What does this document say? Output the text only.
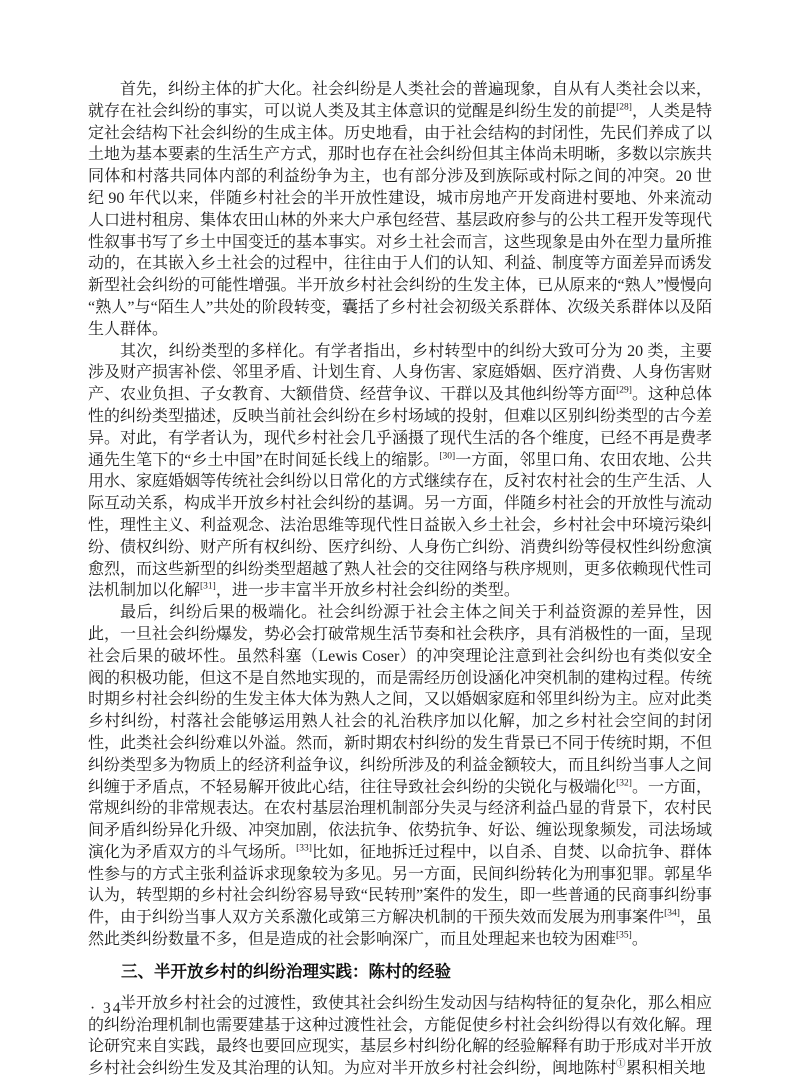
首先，纠纷主体的扩大化。社会纠纷是人类社会的普遍现象，自从有人类社会以来，就存在社会纠纷的事实，可以说人类及其主体意识的觉醒是纠纷生发的前提[28]，人类是特定社会结构下社会纠纷的生成主体。历史地看，由于社会结构的封闭性，先民们养成了以土地为基本要素的生活生产方式，那时也存在社会纠纷但其主体尚未明晰，多数以宗族共同体和村落共同体内部的利益纷争为主，也有部分涉及到族际或村际之间的冲突。20 世纪 90 年代以来，伴随乡村社会的半开放性建设，城市房地产开发商进村要地、外来流动人口进村租房、集体农田山林的外来大户承包经营、基层政府参与的公共工程开发等现代性叙事书写了乡土中国变迁的基本事实。对乡土社会而言，这些现象是由外在型力量所推动的，在其嵌入乡土社会的过程中，往往由于人们的认知、利益、制度等方面差异而诱发新型社会纠纷的可能性增强。半开放乡村社会纠纷的生发主体，已从原来的“熟人”慢慢向“熟人”与“陌生人”共处的阶段转变，囊括了乡村社会初级关系群体、次级关系群体以及陌生人群体。

其次，纠纷类型的多样化。有学者指出，乡村转型中的纠纷大致可分为 20 类，主要涉及财产损害补偿、邻里矛盾、计划生育、人身伤害、家庭婚姻、医疗消费、人身伤害财产、农业负担、子女教育、大额借贷、经营争议、干群以及其他纠纷等方面[29]。这种总体性的纠纷类型描述，反映当前社会纠纷在乡村场域的投射，但难以区别纠纷类型的古今差异。对此，有学者认为，现代乡村社会几乎涵摄了现代生活的各个维度，已经不再是费孝通先生笔下的“乡土中国”在时间延长线上的缩影。[30]一方面，邻里口角、农田农地、公共用水、家庭婚姻等传统社会纠纷以日常化的方式继续存在，反衬农村社会的生产生活、人际互动关系，构成半开放乡村社会纠纷的基调。另一方面，伴随乡村社会的开放性与流动性，理性主义、利益观念、法治思维等现代性日益嵌入乡土社会，乡村社会中环境污染纠纷、债权纠纷、财产所有权纠纷、医疗纠纷、人身伤亡纠纷、消费纠纷等侵权性纠纷愈演愈烈，而这些新型的纠纷类型超越了熟人社会的交往网络与秩序规则，更多依赖现代性司法机制加以化解[31]，进一步丰富半开放乡村社会纠纷的类型。

最后，纠纷后果的极端化。社会纠纷源于社会主体之间关于利益资源的差异性，因此，一旦社会纠纷爆发，势必会打破常规生活节奏和社会秩序，具有消极性的一面，呈现社会后果的破坏性。虽然科塞（Lewis Coser）的冲突理论注意到社会纠纷也有类似安全阀的积极功能，但这不是自然地实现的，而是需经历创设涵化冲突机制的建构过程。传统时期乡村社会纠纷的生发主体大体为熟人之间，又以婚姻家庭和邻里纠纷为主。应对此类乡村纠纷，村落社会能够运用熟人社会的礼治秩序加以化解，加之乡村社会空间的封闭性，此类社会纠纷难以外溢。然而，新时期农村纠纷的发生背景已不同于传统时期，不但纠纷类型多为物质上的经济利益争议，纠纷所涉及的利益金额较大，而且纠纷当事人之间纠缠于矛盾点，不轻易解开彼此心结，往往导致社会纠纷的尖锐化与极端化[32]。一方面，常规纠纷的非常规表达。在农村基层治理机制部分失灵与经济利益凸显的背景下，农村民间矛盾纠纷异化升级、冲突加剧，依法抗争、依势抗争、好讼、缠讼现象频发，司法场域演化为矛盾双方的斗气场所。[33]比如，征地拆迁过程中，以自杀、自焚、以命抗争、群体性参与的方式主张利益诉求现象较为多见。另一方面，民间纠纷转化为刑事犯罪。郭星华认为，转型期的乡村社会纠纷容易导致“民转刑”案件的发生，即一些普通的民商事纠纷事件，由于纠纷当事人双方关系激化或第三方解决机制的干预失效而发展为刑事案件[34]，虽然此类纠纷数量不多，但是造成的社会影响深广，而且处理起来也较为困难[35]。

三、半开放乡村的纠纷治理实践：陈村的经验

半开放乡村社会的过渡性，致使其社会纠纷生发动因与结构特征的复杂化，那么相应的纠纷治理机制也需要建基于这种过渡性社会，方能促使乡村社会纠纷得以有效化解。理论研究来自实践，最终也要回应现实，基层乡村纠纷化解的经验解释有助于形成对半开放乡村社会纠纷生发及其治理的认知。为应对半开放乡村社会纠纷，闽地陈村①累积相关地

· 34 ·
